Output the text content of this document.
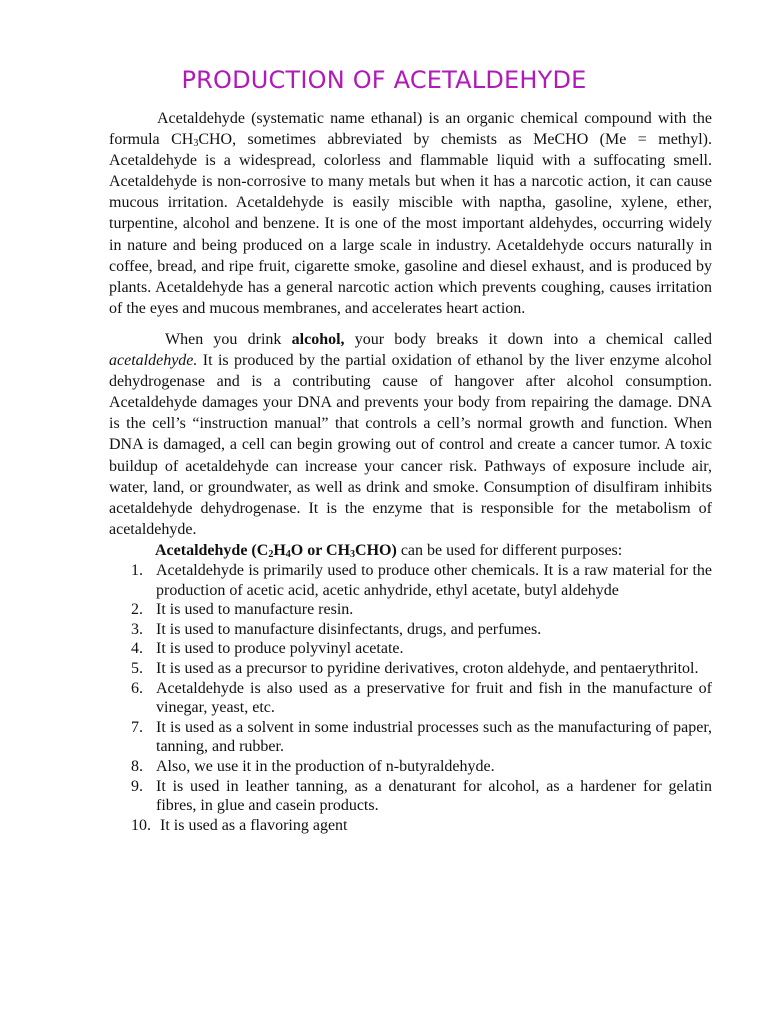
PRODUCTION OF ACETALDEHYDE

Acetaldehyde (systematic name ethanal) is an organic chemical compound with the formula $CH_3CHO$, sometimes abbreviated by chemists as MeCHO (Me = methyl). Acetaldehyde is a widespread, colorless and flammable liquid with a suffocating smell. Acetaldehyde is non-corrosive to many metals but when it has a narcotic action, it can cause mucous irritation. Acetaldehyde is easily miscible with naptha, gasoline, xylene, ether, turpentine, alcohol and benzene. It is one of the most important aldehydes, occurring widely in nature and being produced on a large scale in industry. Acetaldehyde occurs naturally in coffee, bread, and ripe fruit, cigarette smoke, gasoline and diesel exhaust, and is produced by plants. Acetaldehyde has a general narcotic action which prevents coughing, causes irritation of the eyes and mucous membranes, and accelerates heart action.

When you drink alcohol, your body breaks it down into a chemical called acetaldehyde. It is produced by the partial oxidation of ethanol by the liver enzyme alcohol dehydrogenase and is a contributing cause of hangover after alcohol consumption. Acetaldehyde damages your DNA and prevents your body from repairing the damage. DNA is the cell’s “instruction manual” that controls a cell’s normal growth and function. When DNA is damaged, a cell can begin growing out of control and create a cancer tumor. A toxic buildup of acetaldehyde can increase your cancer risk. Pathways of exposure include air, water, land, or groundwater, as well as drink and smoke. Consumption of disulfiram inhibits acetaldehyde dehydrogenase. It is the enzyme that is responsible for the metabolism of acetaldehyde.

Acetaldehyde ($C_2H_4O$ or $CH_3CHO$) can be used for different purposes:

1. Acetaldehyde is primarily used to produce other chemicals. It is a raw material for the production of acetic acid, acetic anhydride, ethyl acetate, butyl aldehyde
2. It is used to manufacture resin.
3. It is used to manufacture disinfectants, drugs, and perfumes.
4. It is used to produce polyvinyl acetate.
5. It is used as a precursor to pyridine derivatives, croton aldehyde, and pentaerythritol.
6. Acetaldehyde is also used as a preservative for fruit and fish in the manufacture of vinegar, yeast, etc.
7. It is used as a solvent in some industrial processes such as the manufacturing of paper, tanning, and rubber.
8. Also, we use it in the production of n-butyraldehyde.
9. It is used in leather tanning, as a denaturant for alcohol, as a hardener for gelatin fibres, in glue and casein products.
10. It is used as a flavoring agent
